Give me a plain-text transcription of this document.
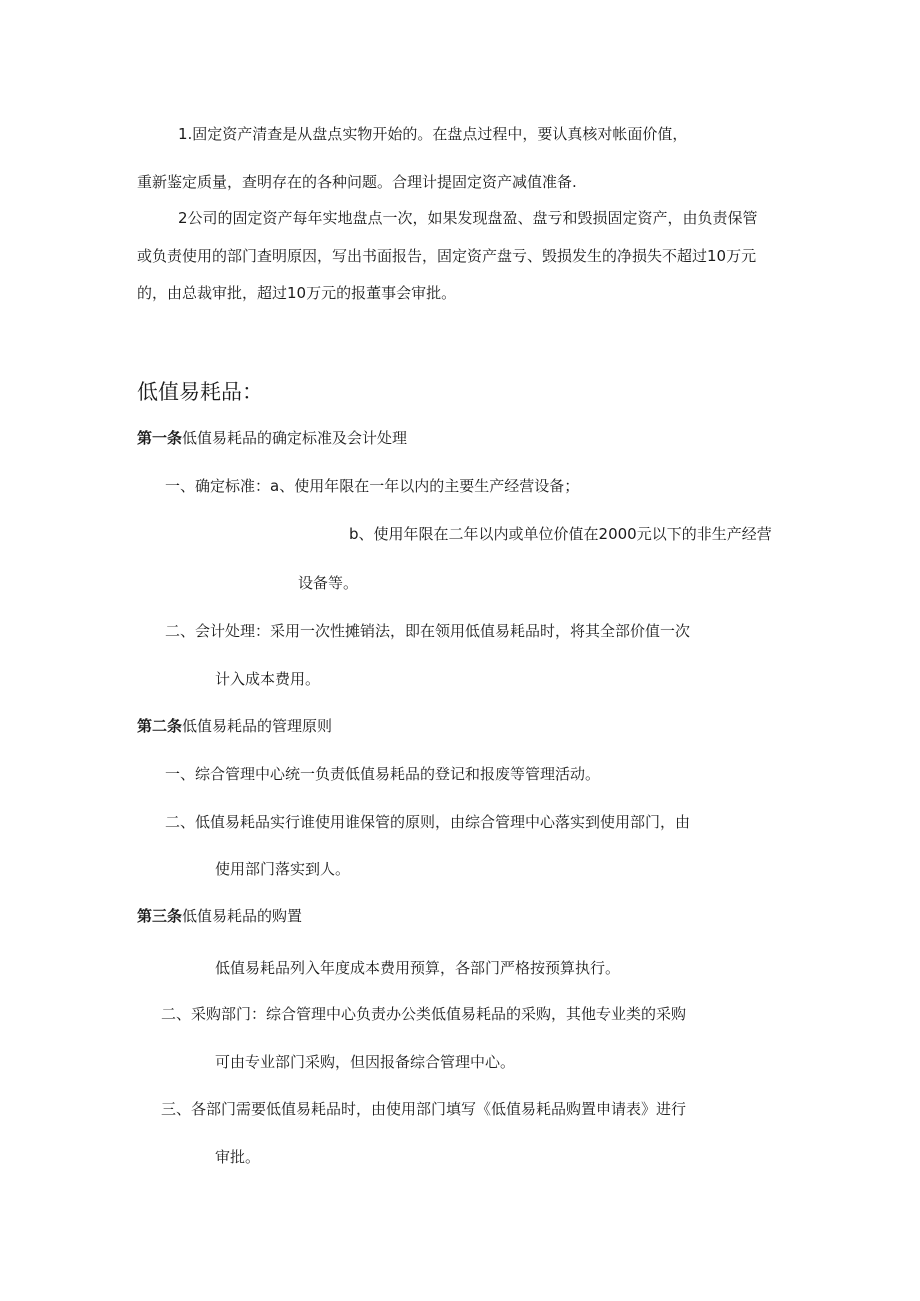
1.固定资产清查是从盘点实物开始的。在盘点过程中，要认真核对帐面价值，

重新鉴定质量，查明存在的各种问题。合理计提固定资产减值准备.

2公司的固定资产每年实地盘点一次，如果发现盘盈、盘亏和毁损固定资产，由负责保管

或负责使用的部门查明原因，写出书面报告，固定资产盘亏、毁损发生的净损失不超过10万元

的，由总裁审批，超过10万元的报董事会审批。

低值易耗品：

第一条低值易耗品的确定标准及会计处理

一、确定标准：a、使用年限在一年以内的主要生产经营设备；

b、使用年限在二年以内或单位价值在2000元以下的非生产经营

设备等。

二、会计处理：采用一次性摊销法，即在领用低值易耗品时，将其全部价值一次

计入成本费用。

第二条低值易耗品的管理原则

一、综合管理中心统一负责低值易耗品的登记和报废等管理活动。

二、低值易耗品实行谁使用谁保管的原则，由综合管理中心落实到使用部门，由

使用部门落实到人。

第三条低值易耗品的购置

低值易耗品列入年度成本费用预算，各部门严格按预算执行。

二、采购部门：综合管理中心负责办公类低值易耗品的采购，其他专业类的采购

可由专业部门采购，但因报备综合管理中心。

三、各部门需要低值易耗品时，由使用部门填写《低值易耗品购置申请表》进行

审批。
